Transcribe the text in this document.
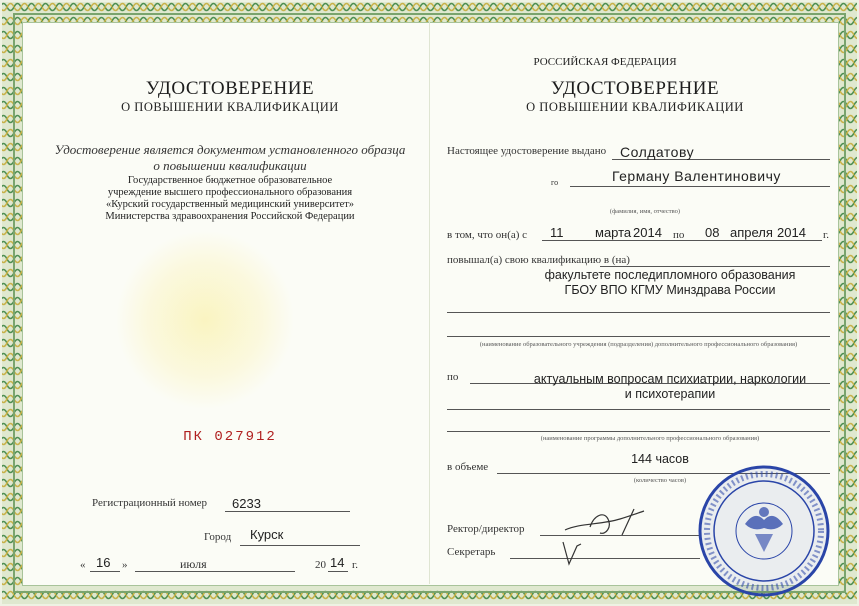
УДОСТОВЕРЕНИЕ
О ПОВЫШЕНИИ КВАЛИФИКАЦИИ
Удостоверение является документом установленного образца
о повышении квалификации
Государственное бюджетное образовательное
учреждение высшего профессионального образования
«Курский государственный медицинский университет»
Министерства здравоохранения Российской Федерации
ПК 027912
Регистрационный номер 6233
Город Курск
« 16 »	июля	20 14 г.
РОССИЙСКАЯ ФЕДЕРАЦИЯ
УДОСТОВЕРЕНИЕ
О ПОВЫШЕНИИ КВАЛИФИКАЦИИ
Настоящее удостоверение выдано Солдатову
го	Герману Валентиновичу
(фамилия, имя, отчество)
в том, что он(а) с 11 марта 2014 по 08 апреля 2014 г.
повышал(а) свою квалификацию в (на)
факультете последипломного образования
ГБОУ ВПО КГМУ Минздрава России
(наименование образовательного учреждения (подразделения) дополнительного профессионального образования)
по	актуальным вопросам психиатрии, наркологии
и психотерапии
(наименование программы дополнительного профессионального образования)
в объеме
144 часов
(количество часов)
Ректор/директор
Секретарь
